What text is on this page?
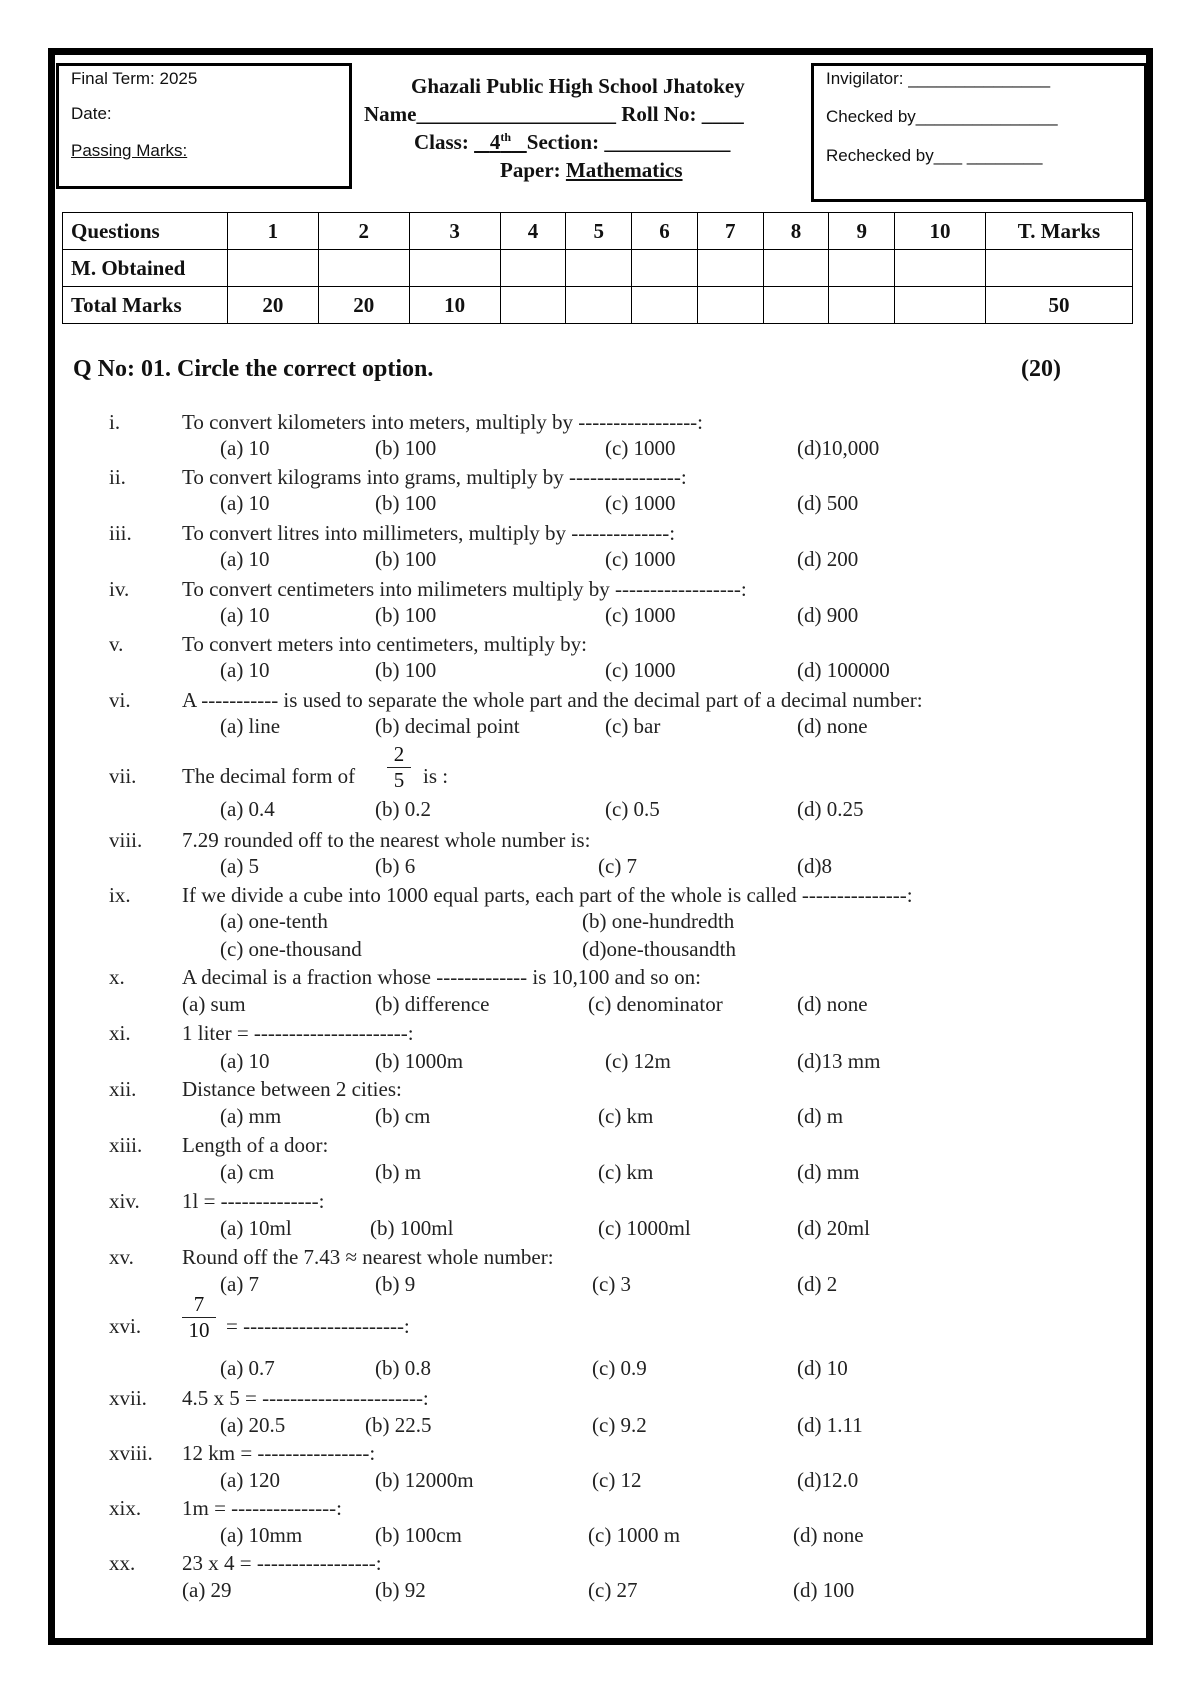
Final Term: 2025
Date:
Passing Marks:
Ghazali Public High School Jhatokey
Name___________________ Roll No: ____
Class:    4th Section: ____________
Paper: Mathematics
Invigilator: _______________
Checked by_______________
Rechecked by___ ________
Questions	1	2	3	4	5	6	7	8	9	10	T. Marks
M. Obtained											
Total Marks	20	20	10								50
Q No: 01. Circle the correct option.	(20)
i.	To convert kilometers into meters, multiply by -----------------:
(a) 10	(b) 100	(c) 1000	(d)10,000
ii.	To convert kilograms into grams, multiply by ----------------:
(a) 10	(b) 100	(c) 1000	(d) 500
iii. To convert litres into millimeters, multiply by --------------:
(a) 10	(b) 100	(c) 1000	(d) 200
iv.	To convert centimeters into milimeters multiply by ------------------:
(a) 10	(b) 100	(c) 1000	(d) 900
v.	To convert meters into centimeters, multiply by:
(a) 10	(b) 100	(c) 1000	(d) 100000
vi. A ----------- is used to separate the whole part and the decimal part of a decimal number:
(a) line	(b) decimal point	(c) bar	(d) none
vii. The decimal form of $\frac{2}{5}$ is :
(a) 0.4	(b) 0.2	(c) 0.5	(d) 0.25
viii. 7.29 rounded off to the nearest whole number is:
(a) 5	(b) 6	(c) 7	(d)8
ix. If we divide a cube into 1000 equal parts, each part of the whole is called ---------------:
(a) one-tenth	(b) one-hundredth
(c) one-thousand	(d)one-thousandth
x.	A decimal is a fraction whose ------------- is 10,100 and so on:
(a) sum	(b) difference	(c) denominator	(d) none
xi. 1 liter = ----------------------:
(a) 10	(b) 1000m	(c) 12m	(d)13 mm
xii. Distance between 2 cities:
(a) mm	(b) cm	(c) km	(d) m
xiii. Length of a door:
(a) cm	(b) m	(c) km	(d) mm
xiv. 1l = --------------:
(a) 10ml	(b) 100ml	(c) 1000ml	(d) 20ml
xv. Round off the 7.43 ≈ nearest whole number:
(a) 7	(b) 9	(c) 3	(d) 2
xvi. $\frac{7}{10}$ = -----------------------:
(a) 0.7	(b) 0.8	(c) 0.9	(d) 10
xvii. 4.5 x 5 = -----------------------:
(a) 20.5	(b) 22.5	(c) 9.2	(d) 1.11
xviii. 12 km = ----------------:
(a) 120	(b) 12000m	(c) 12	(d)12.0
xix. 1m = ---------------:
(a) 10mm	(b) 100cm	(c) 1000 m	(d) none
xx. 23 x 4 = -----------------:
(a) 29	(b) 92	(c) 27	(d) 100
